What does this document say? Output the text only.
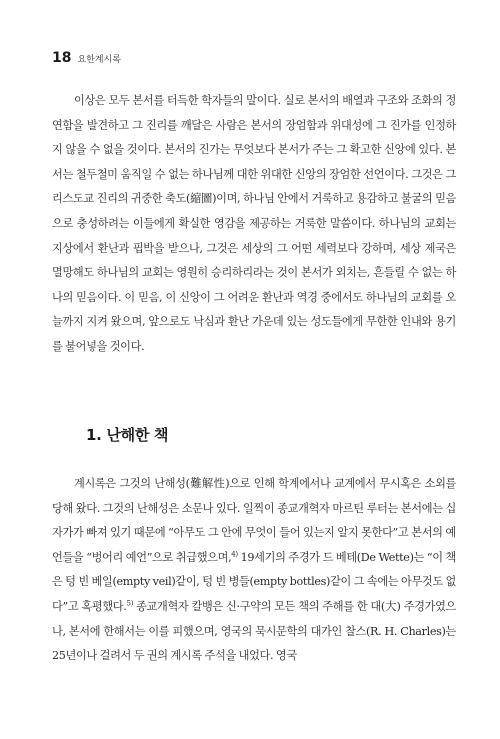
18 요한계시록

이상은 모두 본서를 터득한 학자들의 말이다. 실로 본서의 배열과 구조와 조화의 정연함을 발견하고 그 진리를 깨달은 사람은 본서의 장엄함과 위대성에 그 진가를 인정하지 않을 수 없을 것이다. 본서의 진가는 무엇보다 본서가 주는 그 확고한 신앙에 있다. 본서는 철두철미 움직일 수 없는 하나님께 대한 위대한 신앙의 장엄한 선언이다. 그것은 그리스도교 진리의 귀중한 축도(縮圖)이며, 하나님 안에서 거룩하고 용감하고 불굴의 믿음으로 충성하려는 이들에게 확실한 영감을 제공하는 거룩한 말씀이다. 하나님의 교회는 지상에서 환난과 핍박을 받으나, 그것은 세상의 그 어떤 세력보다 강하며, 세상 제국은 멸망해도 하나님의 교회는 영원히 승리하리라는 것이 본서가 외치는, 흔들릴 수 없는 하나의 믿음이다. 이 믿음, 이 신앙이 그 어려운 환난과 역경 중에서도 하나님의 교회를 오늘까지 지켜 왔으며, 앞으로도 낙심과 환난 가운데 있는 성도들에게 무한한 인내와 용기를 불어넣을 것이다.

1. 난해한 책

계시록은 그것의 난해성(難解性)으로 인해 학계에서나 교계에서 무시혹은 소외를 당해 왔다. 그것의 난해성은 소문나 있다. 일찍이 종교개혁자 마르틴 루터는 본서에는 십자가가 빠져 있기 때문에 “아무도 그 안에 무엇이 들어 있는지 알지 못한다”고 본서의 예언들을 “벙어리 예언”으로 취급했으며,$^{4)}$ 19세기의 주경가 드 베테(De Wette)는 “이 책은 텅 빈 베일(empty veil)같이, 텅 빈 병들(empty bottles)같이 그 속에는 아무것도 없다”고 혹평했다.$^{5)}$ 종교개혁자 칼뱅은 신·구약의 모든 책의 주해를 한 대(大) 주경가였으나, 본서에 한해서는 이를 피했으며, 영국의 묵시문학의 대가인 찰스(R. H. Charles)는 25년이나 걸려서 두 권의 계시록 주석을 내었다. 영국
